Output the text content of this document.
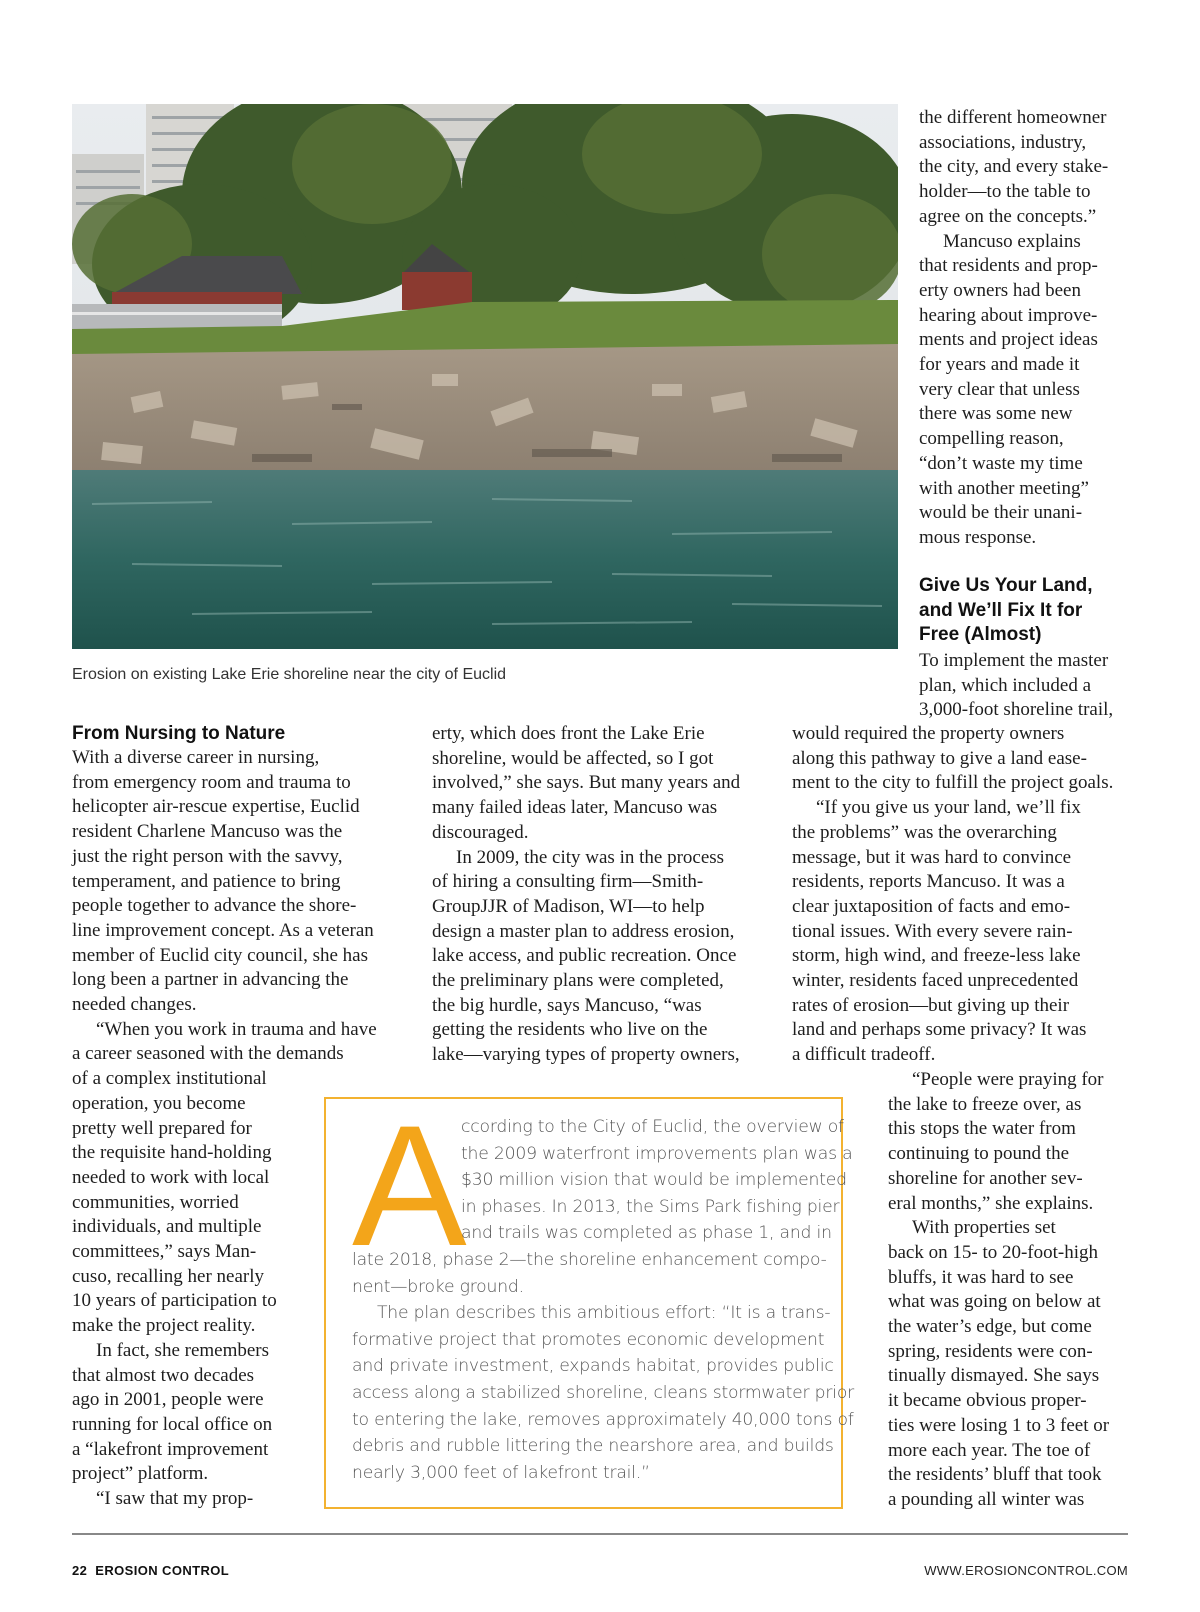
Erosion on existing Lake Erie shoreline near the city of Euclid
the different homeowner
associations, industry,
the city, and every stake-
holder—to the table to
agree on the concepts.”
Mancuso explains
that residents and prop-
erty owners had been
hearing about improve-
ments and project ideas
for years and made it
very clear that unless
there was some new
compelling reason,
“don’t waste my time
with another meeting”
would be their unani-
mous response.
Give Us Your Land,
and We’ll Fix It for
Free (Almost)
To implement the master
plan, which included a
3,000-foot shoreline trail,
From Nursing to Nature
With a diverse career in nursing,
from emergency room and trauma to
helicopter air-rescue expertise, Euclid
resident Charlene Mancuso was the
just the right person with the savvy,
temperament, and patience to bring
people together to advance the shore-
line improvement concept. As a veteran
member of Euclid city council, she has
long been a partner in advancing the
needed changes.
“When you work in trauma and have
a career seasoned with the demands
of a complex institutional
operation, you become
pretty well prepared for
the requisite hand-holding
needed to work with local
communities, worried
individuals, and multiple
committees,” says Man-
cuso, recalling her nearly
10 years of participation to
make the project reality.
In fact, she remembers
that almost two decades
ago in 2001, people were
running for local office on
a “lakefront improvement
project” platform.
“I saw that my prop-
erty, which does front the Lake Erie
shoreline, would be affected, so I got
involved,” she says. But many years and
many failed ideas later, Mancuso was
discouraged.
In 2009, the city was in the process
of hiring a consulting firm—Smith-
GroupJJR of Madison, WI—to help
design a master plan to address erosion,
lake access, and public recreation. Once
the preliminary plans were completed,
the big hurdle, says Mancuso, “was
getting the residents who live on the
lake—varying types of property owners,
would required the property owners
along this pathway to give a land ease-
ment to the city to fulfill the project goals.
“If you give us your land, we’ll fix
the problems” was the overarching
message, but it was hard to convince
residents, reports Mancuso. It was a
clear juxtaposition of facts and emo-
tional issues. With every severe rain-
storm, high wind, and freeze-less lake
winter, residents faced unprecedented
rates of erosion—but giving up their
land and perhaps some privacy? It was
a difficult tradeoff.
“People were praying for
the lake to freeze over, as
this stops the water from
continuing to pound the
shoreline for another sev-
eral months,” she explains.
With properties set
back on 15- to 20-foot-high
bluffs, it was hard to see
what was going on below at
the water’s edge, but come
spring, residents were con-
tinually dismayed. She says
it became obvious proper-
ties were losing 1 to 3 feet or
more each year. The toe of
the residents’ bluff that took
a pounding all winter was
A
ccording to the City of Euclid, the overview of
the 2009 waterfront improvements plan was a
$30 million vision that would be implemented
in phases. In 2013, the Sims Park fishing pier
and trails was completed as phase 1, and in
late 2018, phase 2—the shoreline enhancement compo-
nent—broke ground.
The plan describes this ambitious effort: “It is a trans-
formative project that promotes economic development
and private investment, expands habitat, provides public
access along a stabilized shoreline, cleans stormwater prior
to entering the lake, removes approximately 40,000 tons of
debris and rubble littering the nearshore area, and builds
nearly 3,000 feet of lakefront trail.”
22 EROSION CONTROL	WWW.EROSIONCONTROL.COM
